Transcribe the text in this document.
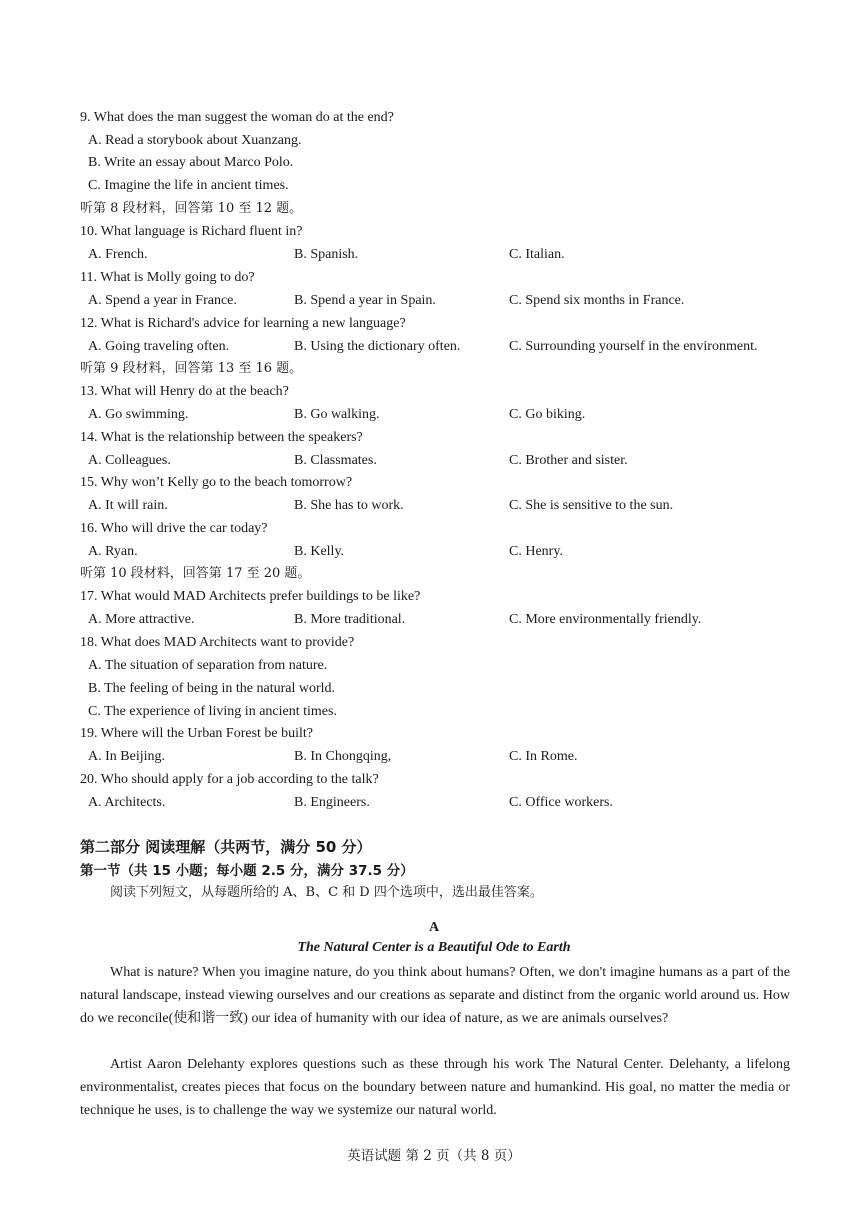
9. What does the man suggest the woman do at the end?
A. Read a storybook about Xuanzang.
B. Write an essay about Marco Polo.
C. Imagine the life in ancient times.
听第 8 段材料，回答第 10 至 12 题。
10. What language is Richard fluent in?
A. French.	B. Spanish.	C. Italian.
11. What is Molly going to do?
A. Spend a year in France.	B. Spend a year in Spain.	C. Spend six months in France.
12. What is Richard's advice for learning a new language?
A. Going traveling often.	B. Using the dictionary often.	C. Surrounding yourself in the environment.
听第 9 段材料，回答第 13 至 16 题。
13. What will Henry do at the beach?
A. Go swimming.	B. Go walking.	C. Go biking.
14. What is the relationship between the speakers?
A. Colleagues.	B. Classmates.	C. Brother and sister.
15. Why won’t Kelly go to the beach tomorrow?
A. It will rain.	B. She has to work.	C. She is sensitive to the sun.
16. Who will drive the car today?
A. Ryan.	B. Kelly.	C. Henry.
听第 10 段材料，回答第 17 至 20 题。
17. What would MAD Architects prefer buildings to be like?
A. More attractive.	B. More traditional.	C. More environmentally friendly.
18. What does MAD Architects want to provide?
A. The situation of separation from nature.
B. The feeling of being in the natural world.
C. The experience of living in ancient times.
19. Where will the Urban Forest be built?
A. In Beijing.	B. In Chongqing,	C. In Rome.
20. Who should apply for a job according to the talk?
A. Architects.	B. Engineers.	C. Office workers.
第二部分 阅读理解（共两节，满分 50 分）
第一节（共 15 小题；每小题 2.5 分，满分 37.5 分）
阅读下列短文，从每题所给的 A、B、C 和 D 四个选项中，选出最佳答案。
A
The Natural Center is a Beautiful Ode to Earth

What is nature? When you imagine nature, do you think about humans? Often, we don't imagine humans as a part of the natural landscape, instead viewing ourselves and our creations as separate and distinct from the organic world around us. How do we reconcile(使和谐一致) our idea of humanity with our idea of nature, as we are animals ourselves?

Artist Aaron Delehanty explores questions such as these through his work The Natural Center. Delehanty, a lifelong environmentalist, creates pieces that focus on the boundary between nature and humankind. His goal, no matter the media or technique he uses, is to challenge the way we systemize our natural world.

英语试题 第 2 页（共 8 页）
